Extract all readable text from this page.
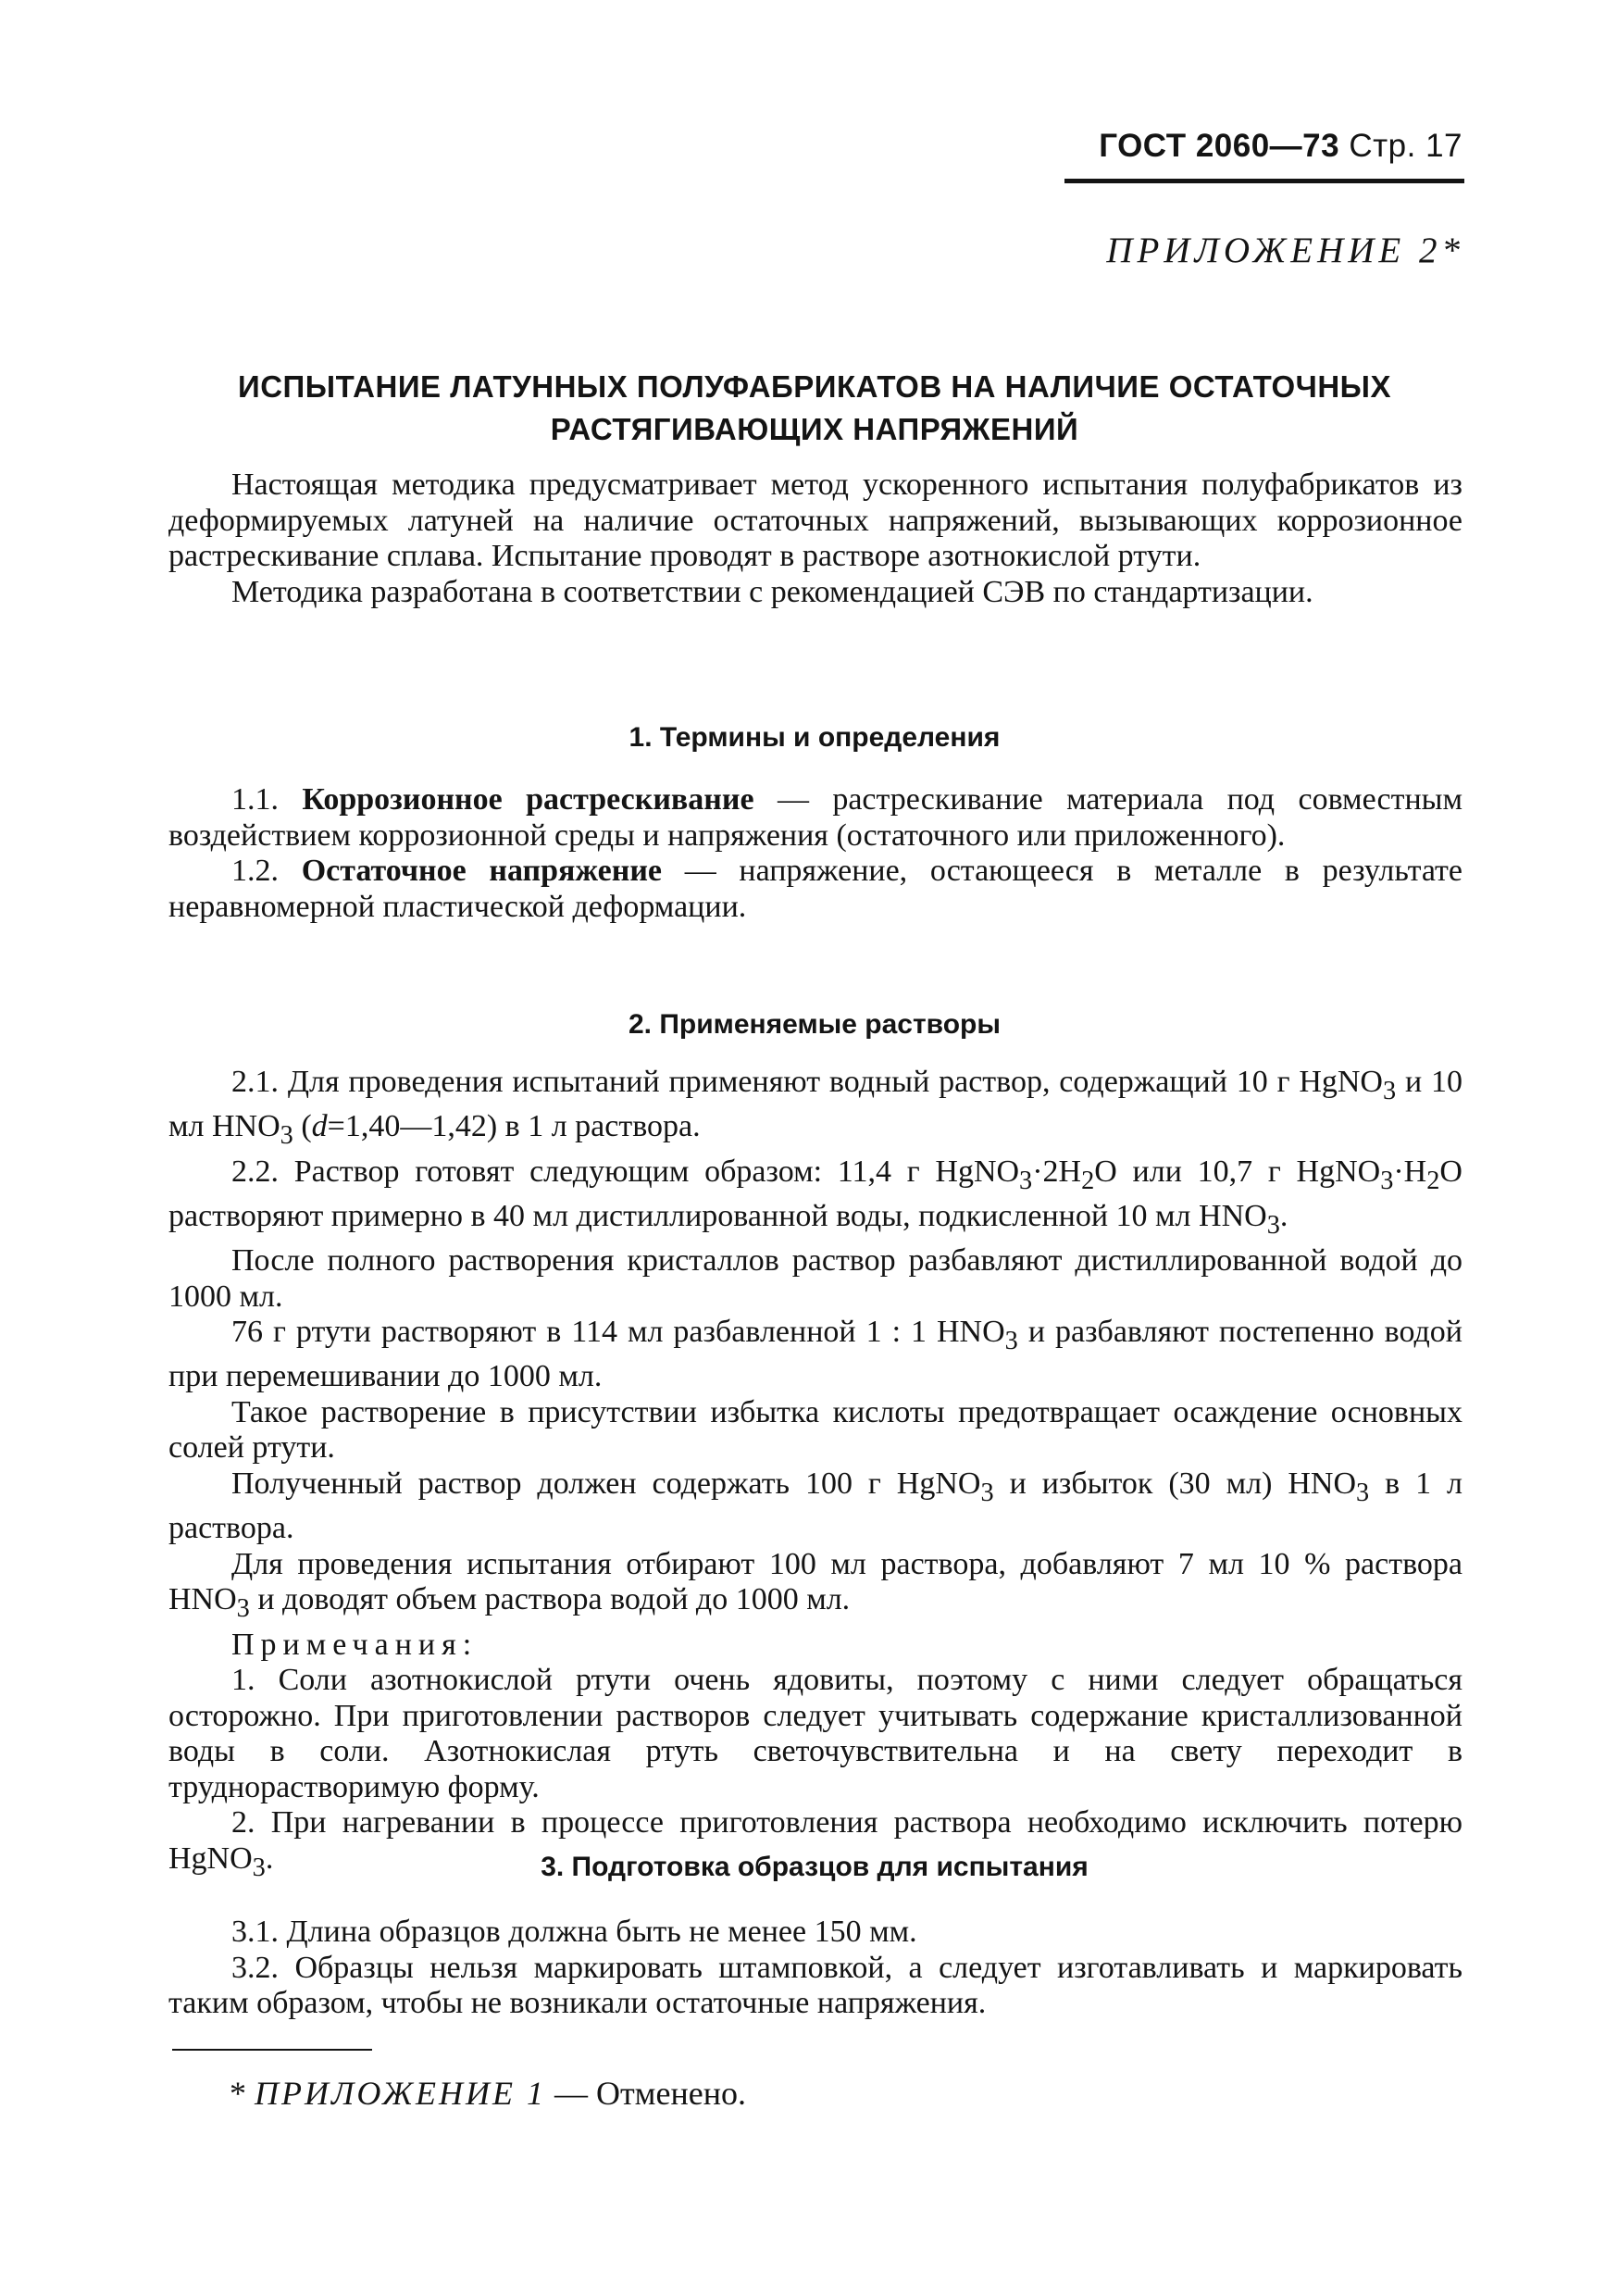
ГОСТ 2060—73 Стр. 17
ПРИЛОЖЕНИЕ 2*
ИСПЫТАНИЕ ЛАТУННЫХ ПОЛУФАБРИКАТОВ НА НАЛИЧИЕ ОСТАТОЧНЫХ РАСТЯГИВАЮЩИХ НАПРЯЖЕНИЙ

Настоящая методика предусматривает метод ускоренного испытания полуфабрикатов из деформируемых латуней на наличие остаточных напряжений, вызывающих коррозионное растрескивание сплава. Испытание проводят в растворе азотнокислой ртути.

Методика разработана в соответствии с рекомендацией СЭВ по стандартизации.

1. Термины и определения

1.1. Коррозионное растрескивание — растрескивание материала под совместным воздействием коррозионной среды и напряжения (остаточного или приложенного).

1.2. Остаточное напряжение — напряжение, остающееся в металле в результате неравномерной пластической деформации.

2. Применяемые растворы

2.1. Для проведения испытаний применяют водный раствор, содержащий 10 г HgNO$_3$ и 10 мл $HNO_3$ (d=1,40—1,42) в 1 л раствора.

2.2. Раствор готовят следующим образом: 11,4 г $HgNO_3\cdot 2H_2O$ или 10,7 г $HgNO_3\cdot H_2O$ растворяют примерно в 40 мл дистиллированной воды, подкисленной 10 мл $HNO_3$.

После полного растворения кристаллов раствор разбавляют дистиллированной водой до 1000 мл.

76 г ртути растворяют в 114 мл разбавленной 1 : 1 $HNO_3$ и разбавляют постепенно водой при перемешивании до 1000 мл.

Такое растворение в присутствии избытка кислоты предотвращает осаждение основных солей ртути.

Полученный раствор должен содержать 100 г HgNO$_3$ и избыток (30 мл) $HNO_3$ в 1 л раствора.

Для проведения испытания отбирают 100 мл раствора, добавляют 7 мл 10 % раствора $HNO_3$ и доводят объем раствора водой до 1000 мл.

Примечания:

1. Соли азотнокислой ртути очень ядовиты, поэтому с ними следует обращаться осторожно. При приготовлении растворов следует учитывать содержание кристаллизованной воды в соли. Азотнокислая ртуть светочувствительна и на свету переходит в труднорастворимую форму.

2. При нагревании в процессе приготовления раствора необходимо исключить потерю HgNO$_3$.	3. Подготовка образцов для испытания

3.1. Длина образцов должна быть не менее 150 мм.

3.2. Образцы нельзя маркировать штамповкой, а следует изготавливать и маркировать таким образом, чтобы не возникали остаточные напряжения.

* ПРИЛОЖЕНИЕ 1 — Отменено.
